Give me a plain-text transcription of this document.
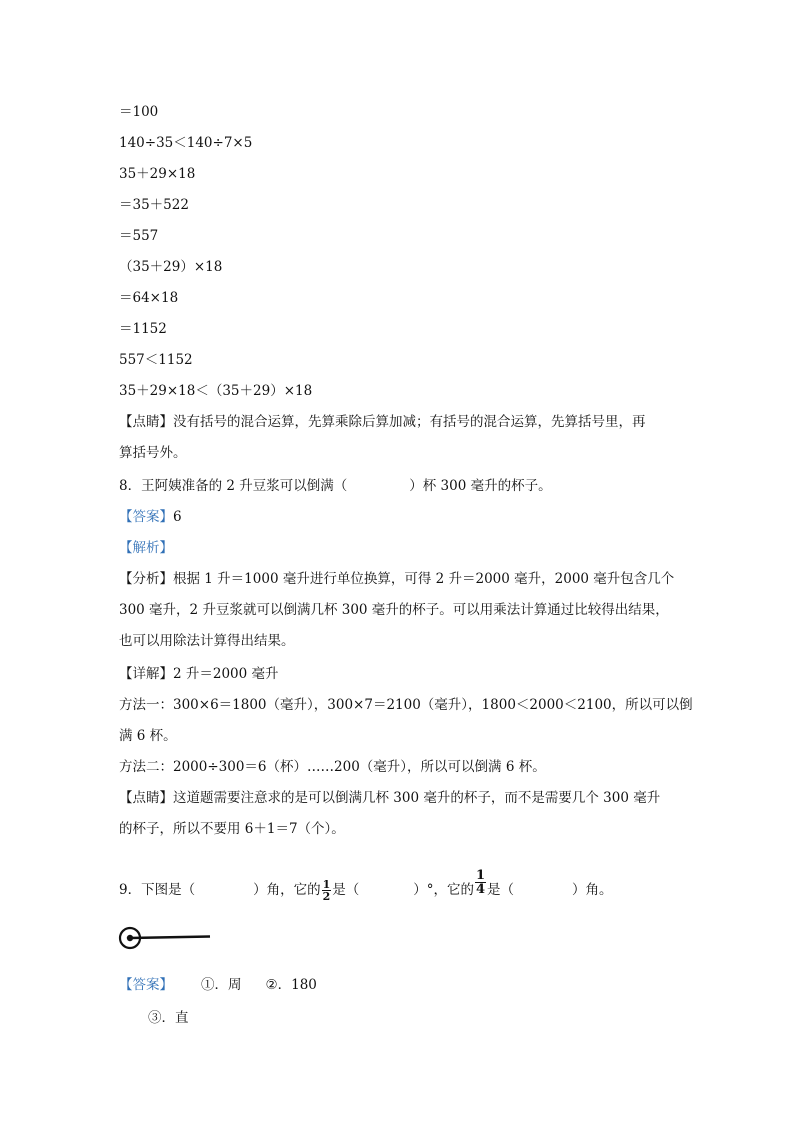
＝100
140÷35＜140÷7×5
35＋29×18
＝35＋522
＝557
（35＋29）×18
＝64×18
＝1152
557＜1152
35＋29×18＜（35＋29）×18
【点睛】没有括号的混合运算，先算乘除后算加减；有括号的混合运算，先算括号里，再
算括号外。
8．王阿姨准备的 2 升豆浆可以倒满（	）杯 300 毫升的杯子。
【答案】6
【解析】
【分析】根据 1 升＝1000 毫升进行单位换算，可得 2 升＝2000 毫升，2000 毫升包含几个
300 毫升，2 升豆浆就可以倒满几杯 300 毫升的杯子。可以用乘法计算通过比较得出结果，
也可以用除法计算得出结果。
【详解】2 升＝2000 毫升
方法一：300×6＝1800（毫升），300×7＝2100（毫升），1800＜2000＜2100，所以可以倒
满 6 杯。
方法二：2000÷300＝6（杯）……200（毫升），所以可以倒满 6 杯。
【点睛】这道题需要注意求的是可以倒满几杯 300 毫升的杯子，而不是需要几个 300 毫升
的杯子，所以不要用 6＋1＝7（个）。
9．下图是（	）角，它的 $\frac{1}{2}$ 是（	）°，它的 $\frac{1}{4}$ 是（	）角。
【答案】 ①．周 ②．180
③．直
